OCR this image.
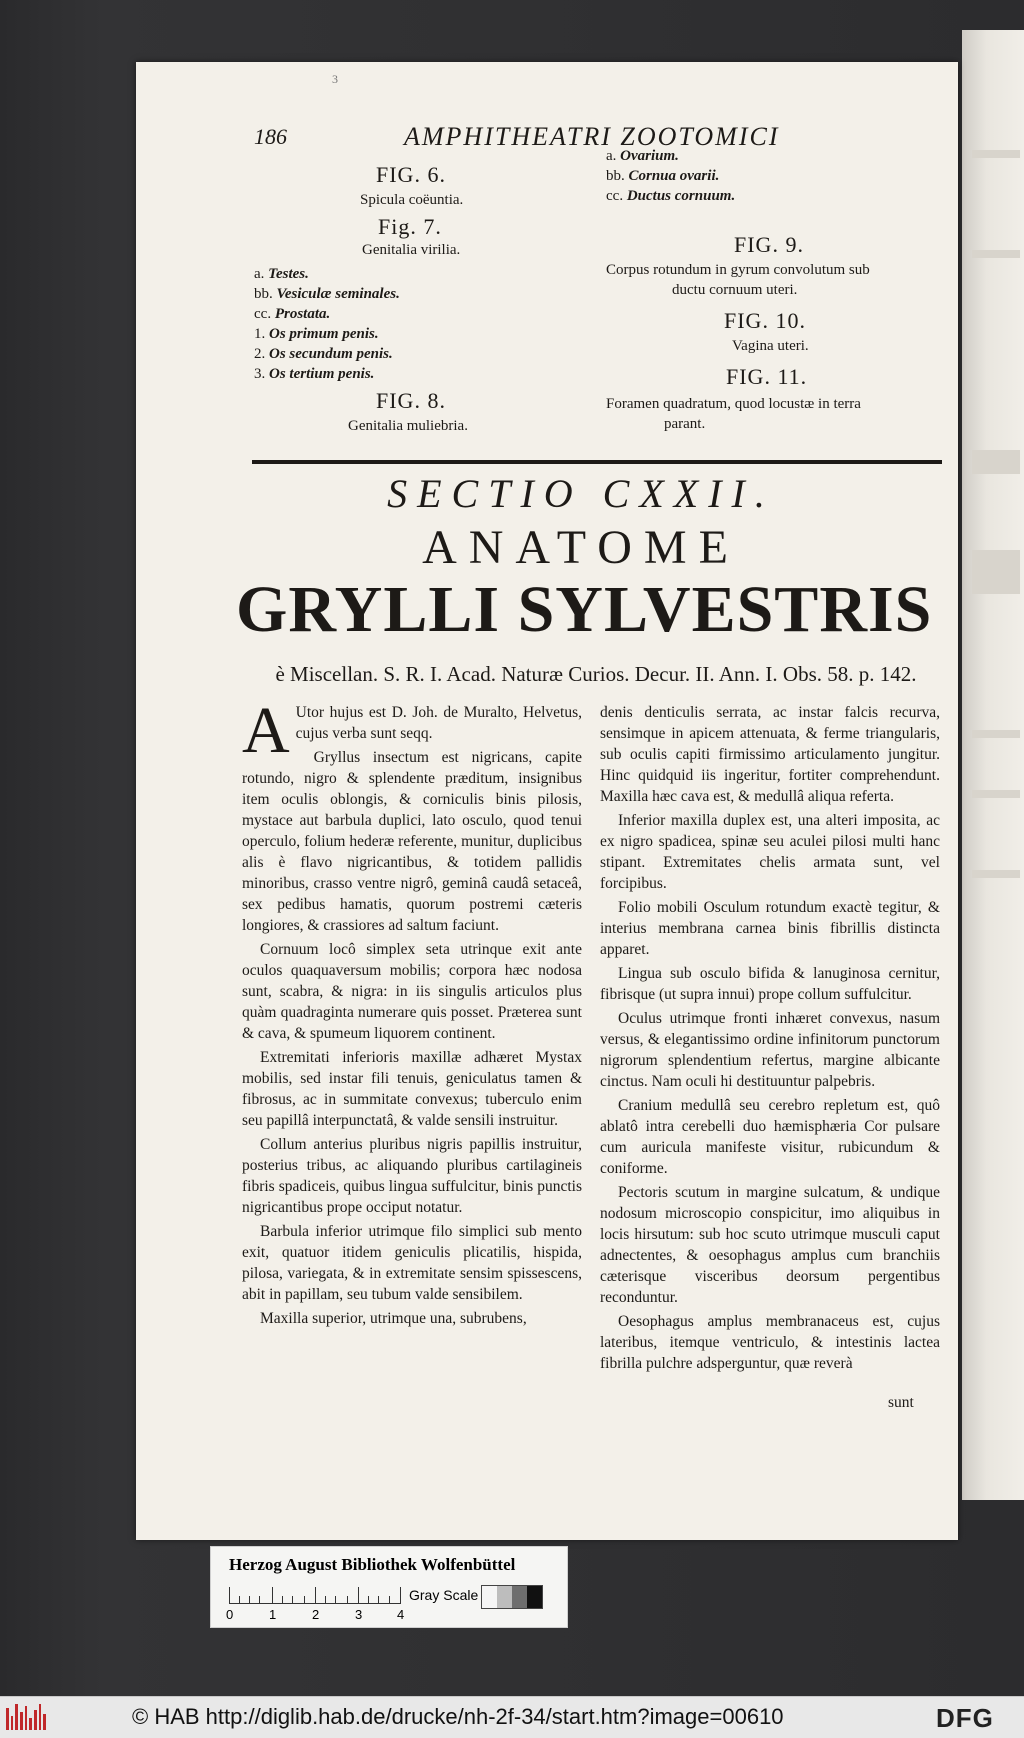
3
186	AMPHITHEATRI ZOOTOMICI
FIG. 6.
Spicula coëuntia.
Fig. 7.
Genitalia virilia.
a. Testes.
bb. Vesiculæ seminales.
cc. Prostata.
1. Os primum penis.
2. Os secundum penis.
3. Os tertium penis.
FIG. 8.
Genitalia muliebria.
a. Ovarium.
bb. Cornua ovarii.
cc. Ductus cornuum.
FIG. 9.
Corpus rotundum in gyrum convolutum sub
ductu cornuum uteri.
FIG. 10.
Vagina uteri.
FIG. 11.
Foramen quadratum, quod locustæ in terra
parant.
SECTIO CXXII.
ANATOME
GRYLLI SYLVESTRIS
è Miscellan. S. R. I. Acad. Naturæ Curios. Decur. II. Ann. I. Obs. 58. p. 142.

A Utor hujus est D. Joh. de Muralto, Helvetus, cujus verba sunt seqq.

Gryllus insectum est nigricans, capite rotundo, nigro & splendente præditum, insignibus item oculis oblongis, & corniculis binis pilosis, mystace aut barbula duplici, lato osculo, quod tenui operculo, folium hederæ referente, munitur, duplicibus alis è flavo nigricantibus, & totidem pallidis minoribus, crasso ventre nigrô, geminâ caudâ setaceâ, sex pedibus hamatis, quorum postremi cæteris longiores, & crassiores ad saltum faciunt.

Cornuum locô simplex seta utrinque exit ante oculos quaquaversum mobilis; corpora hæc nodosa sunt, scabra, & nigra: in iis singulis articulos plus quàm quadraginta numerare quis posset. Præterea sunt & cava, & spumeum liquorem continent.

Extremitati inferioris maxillæ adhæret Mystax mobilis, sed instar fili tenuis, geniculatus tamen & fibrosus, ac in summitate convexus; tuberculo enim seu papillâ interpunctatâ, & valde sensili instruitur.

Collum anterius pluribus nigris papillis instruitur, posterius tribus, ac aliquando pluribus cartilagineis fibris spadiceis, quibus lingua suffulcitur, binis punctis nigricantibus prope occiput notatur.

Barbula inferior utrimque filo simplici sub mento exit, quatuor itidem geniculis plicatilis, hispida, pilosa, variegata, & in extremitate sensim spissescens, abit in papillam, seu tubum valde sensibilem.

Maxilla superior, utrimque una, subrubens,

denis denticulis serrata, ac instar falcis recurva, sensimque in apicem attenuata, & ferme triangularis, sub oculis capiti firmissimo articulamento jungitur. Hinc quidquid iis ingeritur, fortiter comprehendunt. Maxilla hæc cava est, & medullâ aliqua referta.

Inferior maxilla duplex est, una alteri imposita, ac ex nigro spadicea, spinæ seu aculei pilosi multi hanc stipant. Extremitates chelis armata sunt, vel forcipibus.

Folio mobili Osculum rotundum exactè tegitur, & interius membrana carnea binis fibrillis distincta apparet.

Lingua sub osculo bifida & lanuginosa cernitur, fibrisque (ut supra innui) prope collum suffulcitur.

Oculus utrimque fronti inhæret convexus, nasum versus, & elegantissimo ordine infinitorum punctorum nigrorum splendentium refertus, margine albicante cinctus. Nam oculi hi destituuntur palpebris.

Cranium medullâ seu cerebro repletum est, quô ablatô intra cerebelli duo hæmisphæria Cor pulsare cum auricula manifeste visitur, rubicundum & coniforme.

Pectoris scutum in margine sulcatum, & undique nodosum microscopio conspicitur, imo aliquibus in locis hirsutum: sub hoc scuto utrimque musculi caput adnectentes, & oesophagus amplus cum branchiis cæterisque visceribus deorsum pergentibus reconduntur.

Oesophagus amplus membranaceus est, cujus lateribus, itemque ventriculo, & intestinis lactea fibrilla pulchre adsperguntur, quæ reverà

sunt
Herzog August Bibliothek Wolfenbüttel
0	1	2	3	4
Gray Scale
© HAB http://diglib.hab.de/drucke/nh-2f-34/start.htm?image=00610	DFG
